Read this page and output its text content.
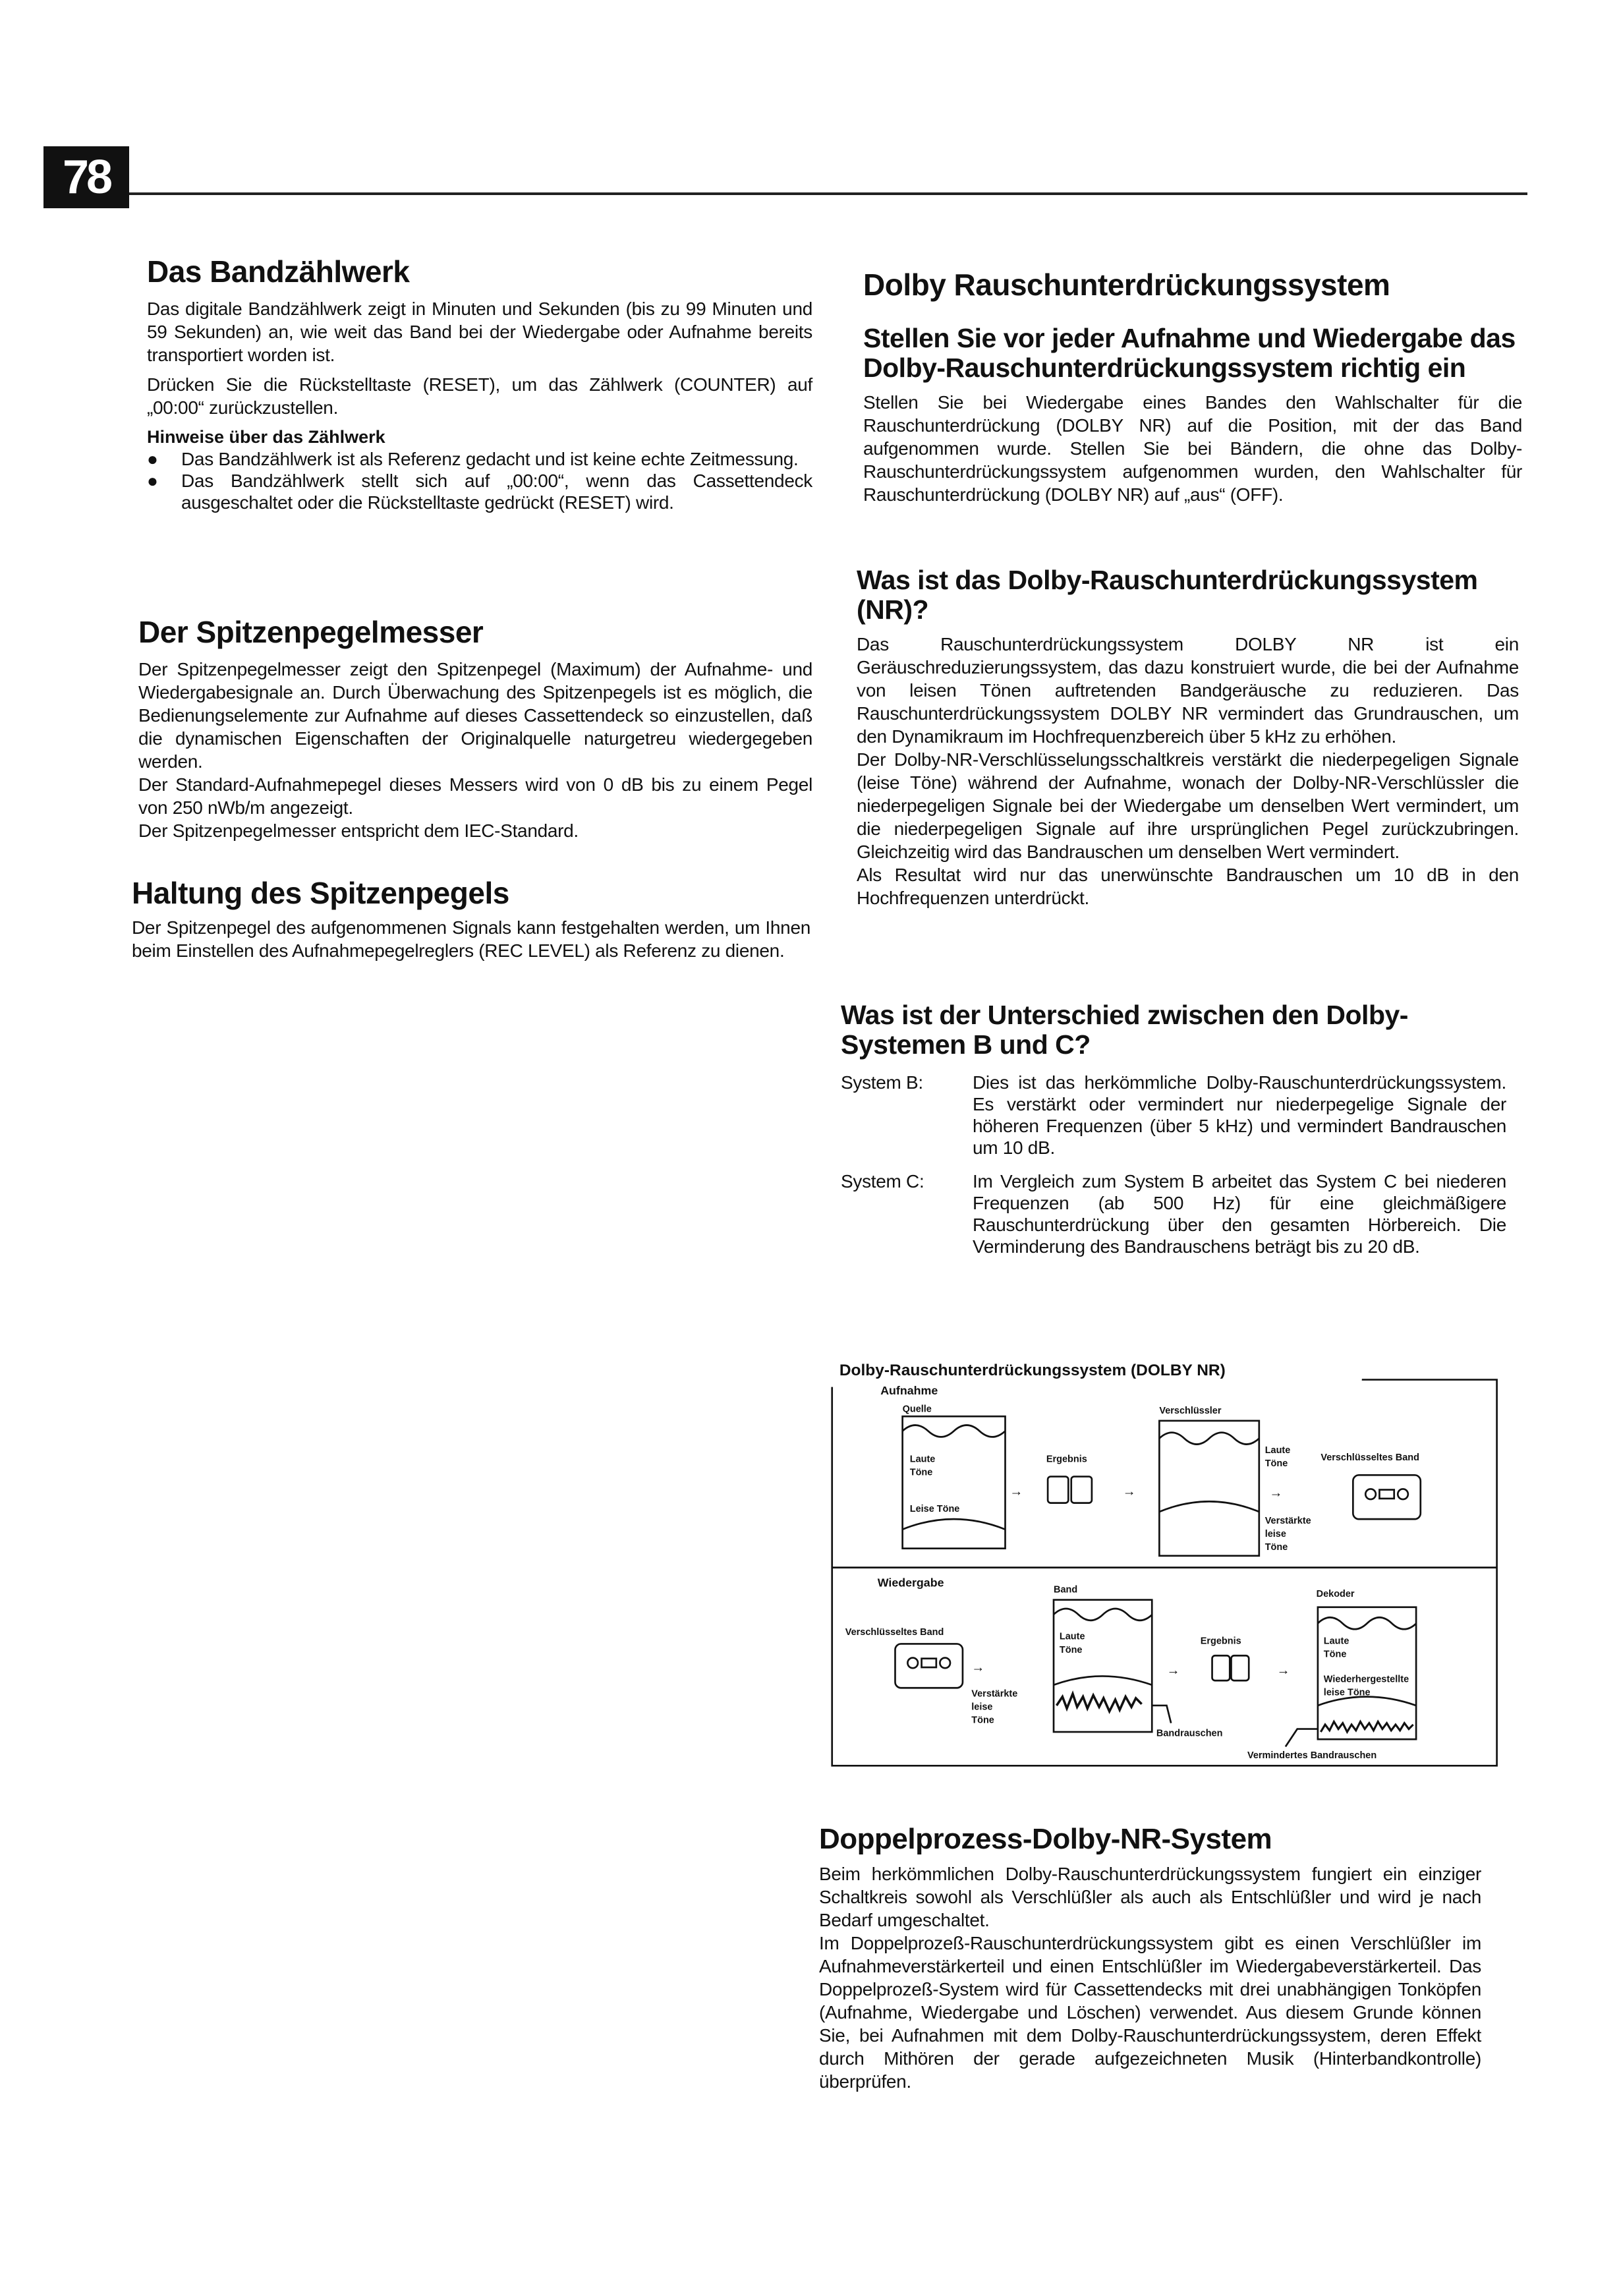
78
Das Bandzählwerk

Das digitale Bandzählwerk zeigt in Minuten und Sekunden (bis zu 99 Minuten und 59 Sekunden) an, wie weit das Band bei der Wiedergabe oder Aufnahme bereits transportiert worden ist.

Drücken Sie die Rückstelltaste (RESET), um das Zählwerk (COUNTER) auf „00:00“ zurückzustellen.

Hinweise über das Zählwerk
● Das Bandzählwerk ist als Referenz gedacht und ist keine echte Zeitmessung.
● Das Bandzählwerk stellt sich auf „00:00“, wenn das Cassettendeck ausgeschaltet oder die Rückstelltaste gedrückt (RESET) wird.
Der Spitzenpegelmesser

Der Spitzenpegelmesser zeigt den Spitzenpegel (Maximum) der Aufnahme- und Wiedergabesignale an. Durch Überwachung des Spitzenpegels ist es möglich, die Bedienungselemente zur Aufnahme auf dieses Cassettendeck so einzustellen, daß die dynamischen Eigenschaften der Originalquelle naturgetreu wiedergegeben werden.

Der Standard-Aufnahmepegel dieses Messers wird von 0 dB bis zu einem Pegel von 250 nWb/m angezeigt.

Der Spitzenpegelmesser entspricht dem IEC-Standard.

Haltung des Spitzenpegels

Der Spitzenpegel des aufgenommenen Signals kann festgehalten werden, um Ihnen beim Einstellen des Aufnahmepegelreglers (REC LEVEL) als Referenz zu dienen.

Dolby Rauschunterdrückungssystem
Stellen Sie vor jeder Aufnahme und Wiedergabe das Dolby-Rauschunterdrückungssystem richtig ein

Stellen Sie bei Wiedergabe eines Bandes den Wahlschalter für die Rauschunterdrückung (DOLBY NR) auf die Position, mit der das Band aufgenommen wurde. Stellen Sie bei Bändern, die ohne das Dolby-Rauschunterdrückungssystem aufgenommen wurden, den Wahlschalter für Rauschunterdrückung (DOLBY NR) auf „aus“ (OFF).

Was ist das Dolby-Rauschunterdrückungssystem (NR)?

Das Rauschunterdrückungssystem DOLBY NR ist ein Geräuschreduzierungssystem, das dazu konstruiert wurde, die bei der Aufnahme von leisen Tönen auftretenden Bandgeräusche zu reduzieren. Das Rauschunterdrückungssystem DOLBY NR vermindert das Grundrauschen, um den Dynamikraum im Hochfrequenzbereich über 5 kHz zu erhöhen.

Der Dolby-NR-Verschlüsselungsschaltkreis verstärkt die niederpegeligen Signale (leise Töne) während der Aufnahme, wonach der Dolby-NR-Verschlüssler die niederpegeligen Signale bei der Wiedergabe um denselben Wert vermindert, um die niederpegeligen Signale auf ihre ursprünglichen Pegel zurückzubringen. Gleichzeitig wird das Bandrauschen um denselben Wert vermindert.

Als Resultat wird nur das unerwünschte Bandrauschen um 10 dB in den Hochfrequenzen unterdrückt.

Was ist der Unterschied zwischen den Dolby-Systemen B und C?
System B:	Dies ist das herkömmliche Dolby-Rauschunterdrückungssystem. Es verstärkt oder vermindert nur niederpegelige Signale der höheren Frequenzen (über 5 kHz) und vermindert Bandrauschen um 10 dB.
System C:	Im Vergleich zum System B arbeitet das System C bei niederen Frequenzen (ab 500 Hz) für eine gleichmäßigere Rauschunterdrückung über den gesamten Hörbereich. Die Verminderung des Bandrauschens beträgt bis zu 20 dB.
→	→	→
→	→	→
Dolby-Rauschunterdrückungssystem (DOLBY NR)
Aufnahme
Quelle
Laute
Töne
Leise Töne
Ergebnis
Verschlüssler
Laute
Töne
Verstärkte
leise
Töne
Verschlüsseltes Band
Wiedergabe
Band
Verschlüsseltes Band
Verstärkte
leise
Töne
Laute
Töne
Ergebnis
Dekoder
Laute
Töne
Wiederhergestellte
leise Töne
Bandrauschen
Vermindertes Bandrauschen
Doppelprozess-Dolby-NR-System

Beim herkömmlichen Dolby-Rauschunterdrückungssystem fungiert ein einziger Schaltkreis sowohl als Verschlüßler als auch als Entschlüßler und wird je nach Bedarf umgeschaltet.

Im Doppelprozeß-Rauschunterdrückungssystem gibt es einen Verschlüßler im Aufnahmeverstärkerteil und einen Entschlüßler im Wiedergabeverstärkerteil. Das Doppelprozeß-System wird für Cassettendecks mit drei unabhängigen Tonköpfen (Aufnahme, Wiedergabe und Löschen) verwendet. Aus diesem Grunde können Sie, bei Aufnahmen mit dem Dolby-Rauschunterdrückungssystem, deren Effekt durch Mithören der gerade aufgezeichneten Musik (Hinterbandkontrolle) überprüfen.
